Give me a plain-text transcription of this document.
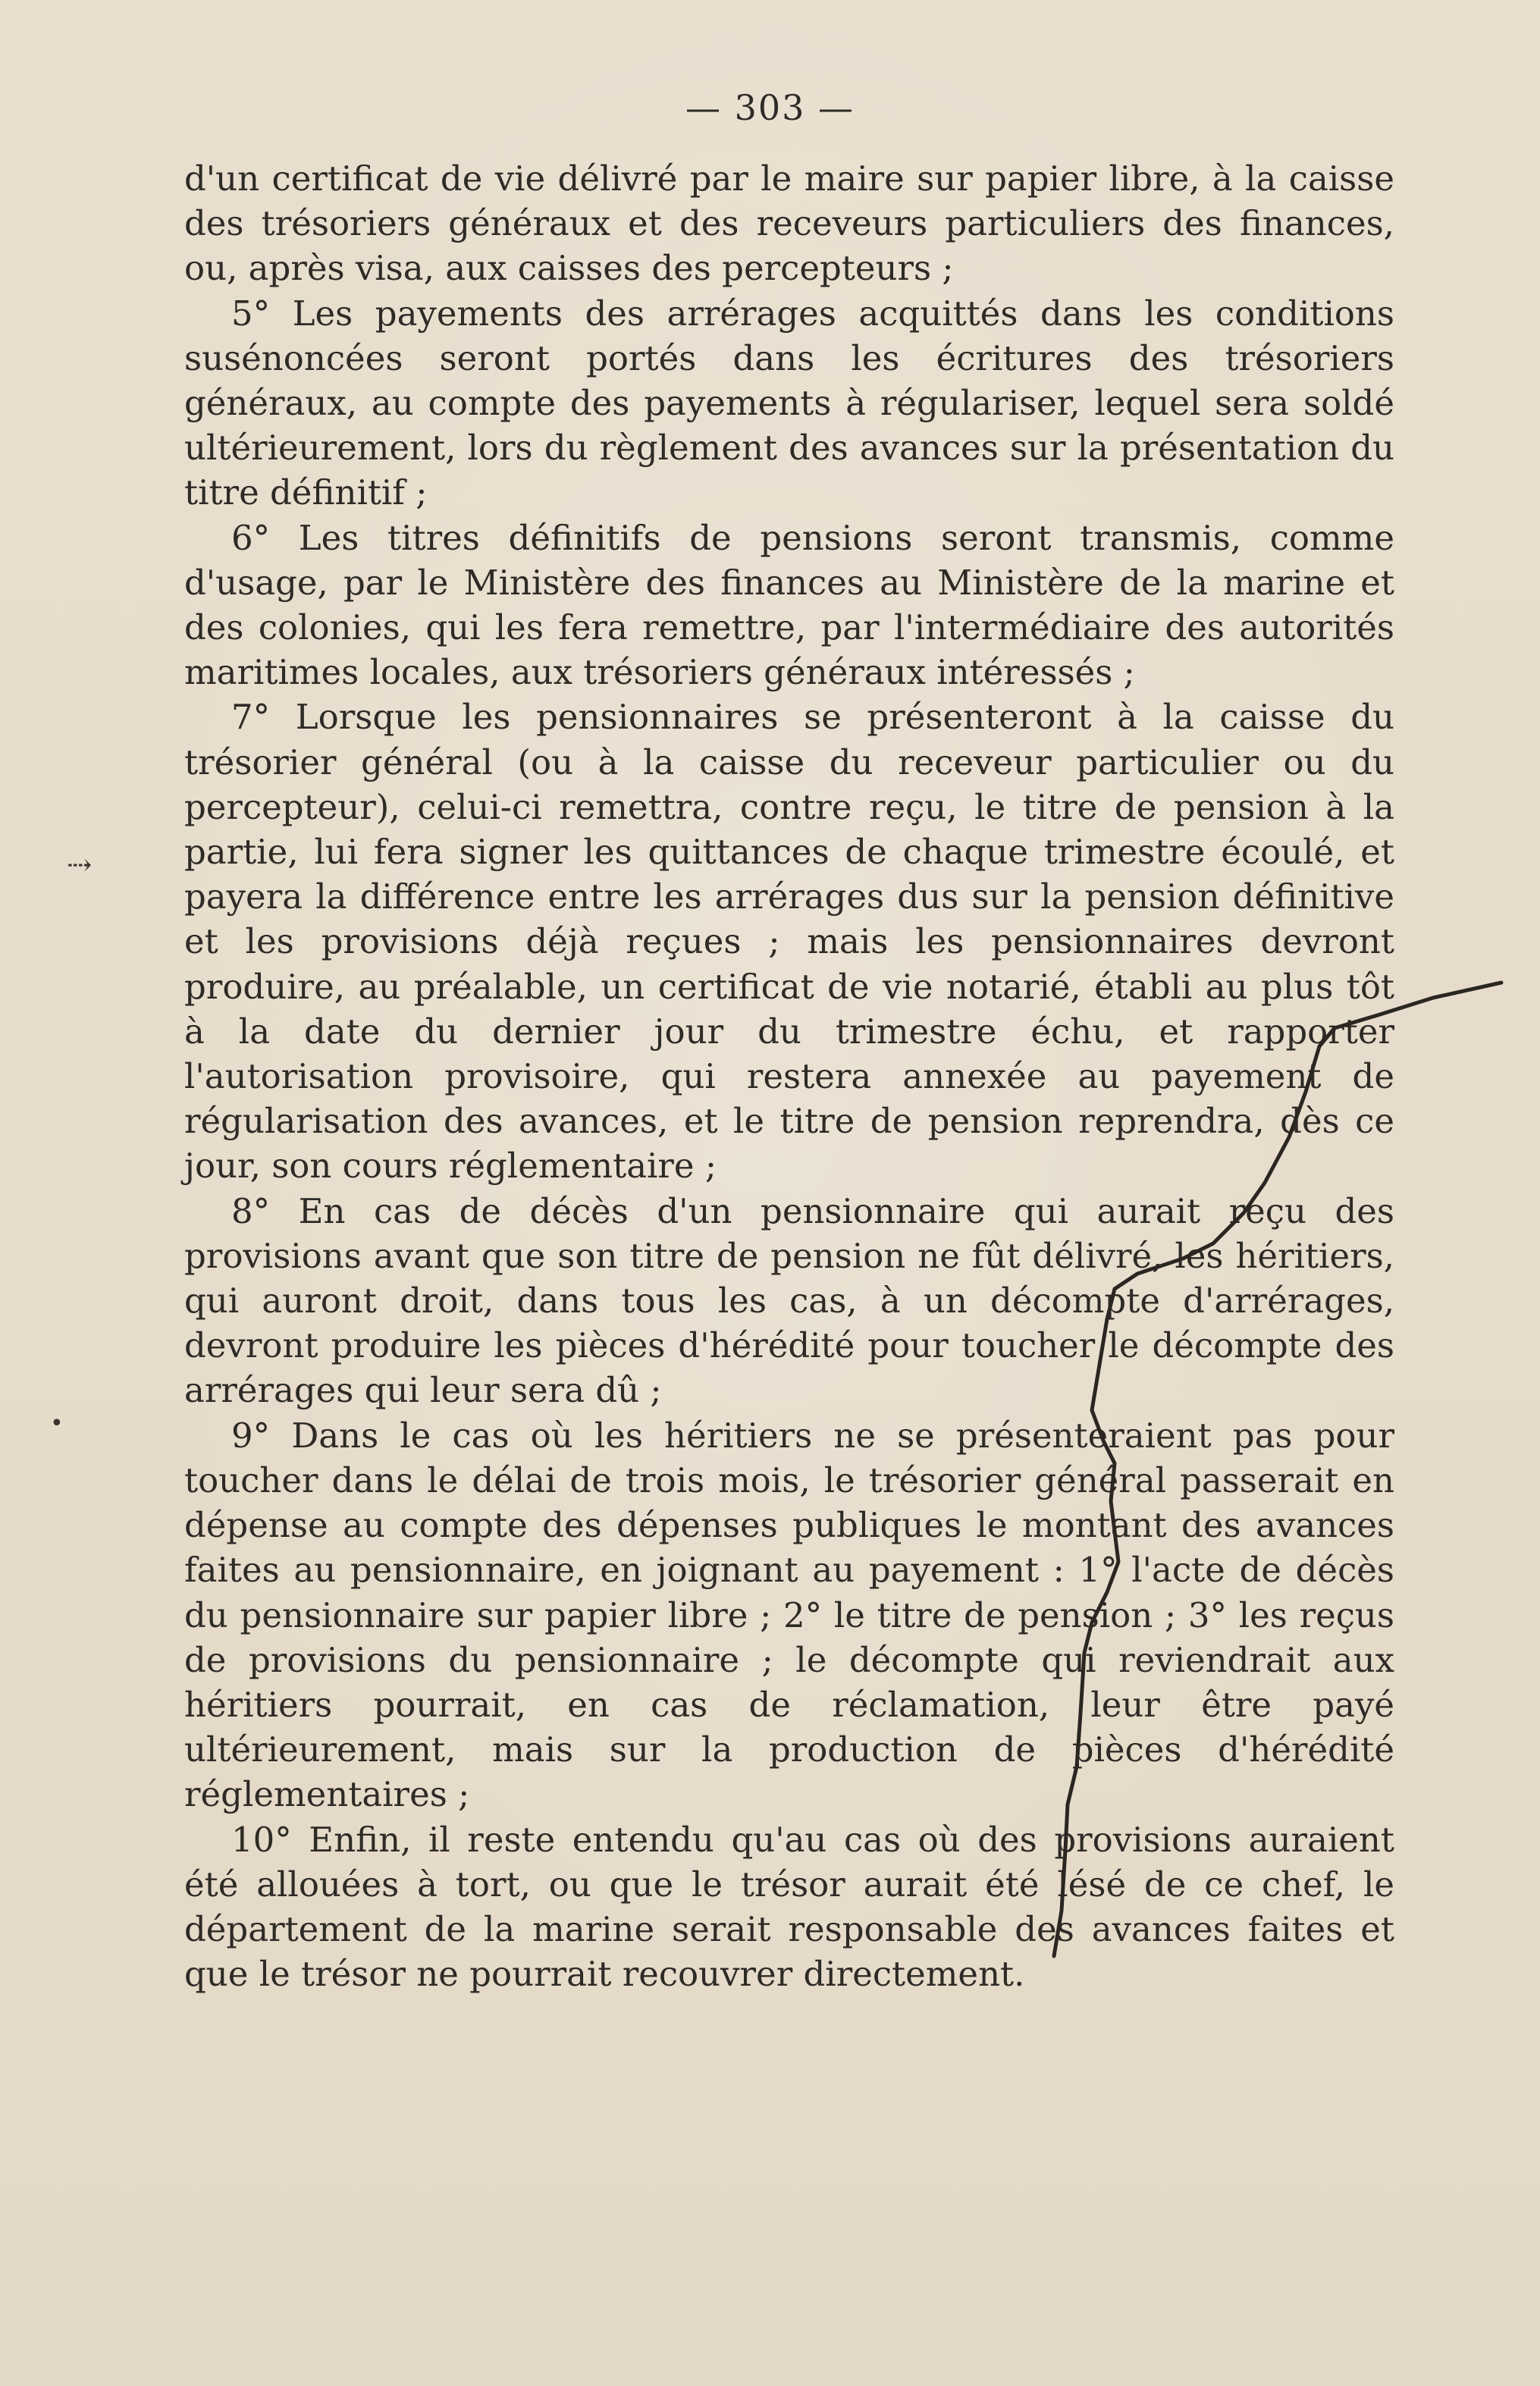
— 303 —

d'un certificat de vie délivré par le maire sur papier libre, à la caisse des trésoriers généraux et des receveurs particuliers des finances, ou, après visa, aux caisses des percepteurs ;

5° Les payements des arrérages acquittés dans les conditions susénoncées seront portés dans les écritures des trésoriers généraux, au compte des payements à régulariser, lequel sera soldé ultérieurement, lors du règlement des avances sur la présentation du titre définitif ;

6° Les titres définitifs de pensions seront transmis, comme d'usage, par le Ministère des finances au Ministère de la marine et des colonies, qui les fera remettre, par l'intermédiaire des autorités maritimes locales, aux trésoriers généraux intéressés ;

7° Lorsque les pensionnaires se présenteront à la caisse du trésorier général (ou à la caisse du receveur particulier ou du percepteur), celui-ci remettra, contre reçu, le titre de pension à la partie, lui fera signer les quittances de chaque trimestre écoulé, et payera la différence entre les arrérages dus sur la pension définitive et les provisions déjà reçues ; mais les pensionnaires devront produire, au préalable, un certificat de vie notarié, établi au plus tôt à la date du dernier jour du trimestre échu, et rapporter l'autorisation provisoire, qui restera annexée au payement de régularisation des avances, et le titre de pension reprendra, dès ce jour, son cours réglementaire ;

8° En cas de décès d'un pensionnaire qui aurait reçu des provisions avant que son titre de pension ne fût délivré, les héritiers, qui auront droit, dans tous les cas, à un décompte d'arrérages, devront produire les pièces d'hérédité pour toucher le décompte des arrérages qui leur sera dû ;

9° Dans le cas où les héritiers ne se présenteraient pas pour toucher dans le délai de trois mois, le trésorier général passerait en dépense au compte des dépenses publiques le montant des avances faites au pensionnaire, en joignant au payement : 1° l'acte de décès du pensionnaire sur papier libre ; 2° le titre de pension ; 3° les reçus de provisions du pensionnaire ; le décompte qui reviendrait aux héritiers pourrait, en cas de réclamation, leur être payé ultérieurement, mais sur la production de pièces d'hérédité réglementaires ;

10° Enfin, il reste entendu qu'au cas où des provisions auraient été allouées à tort, ou que le trésor aurait été lésé de ce chef, le département de la marine serait responsable des avances faites et que le trésor ne pourrait recouvrer directement.

⇢
•
